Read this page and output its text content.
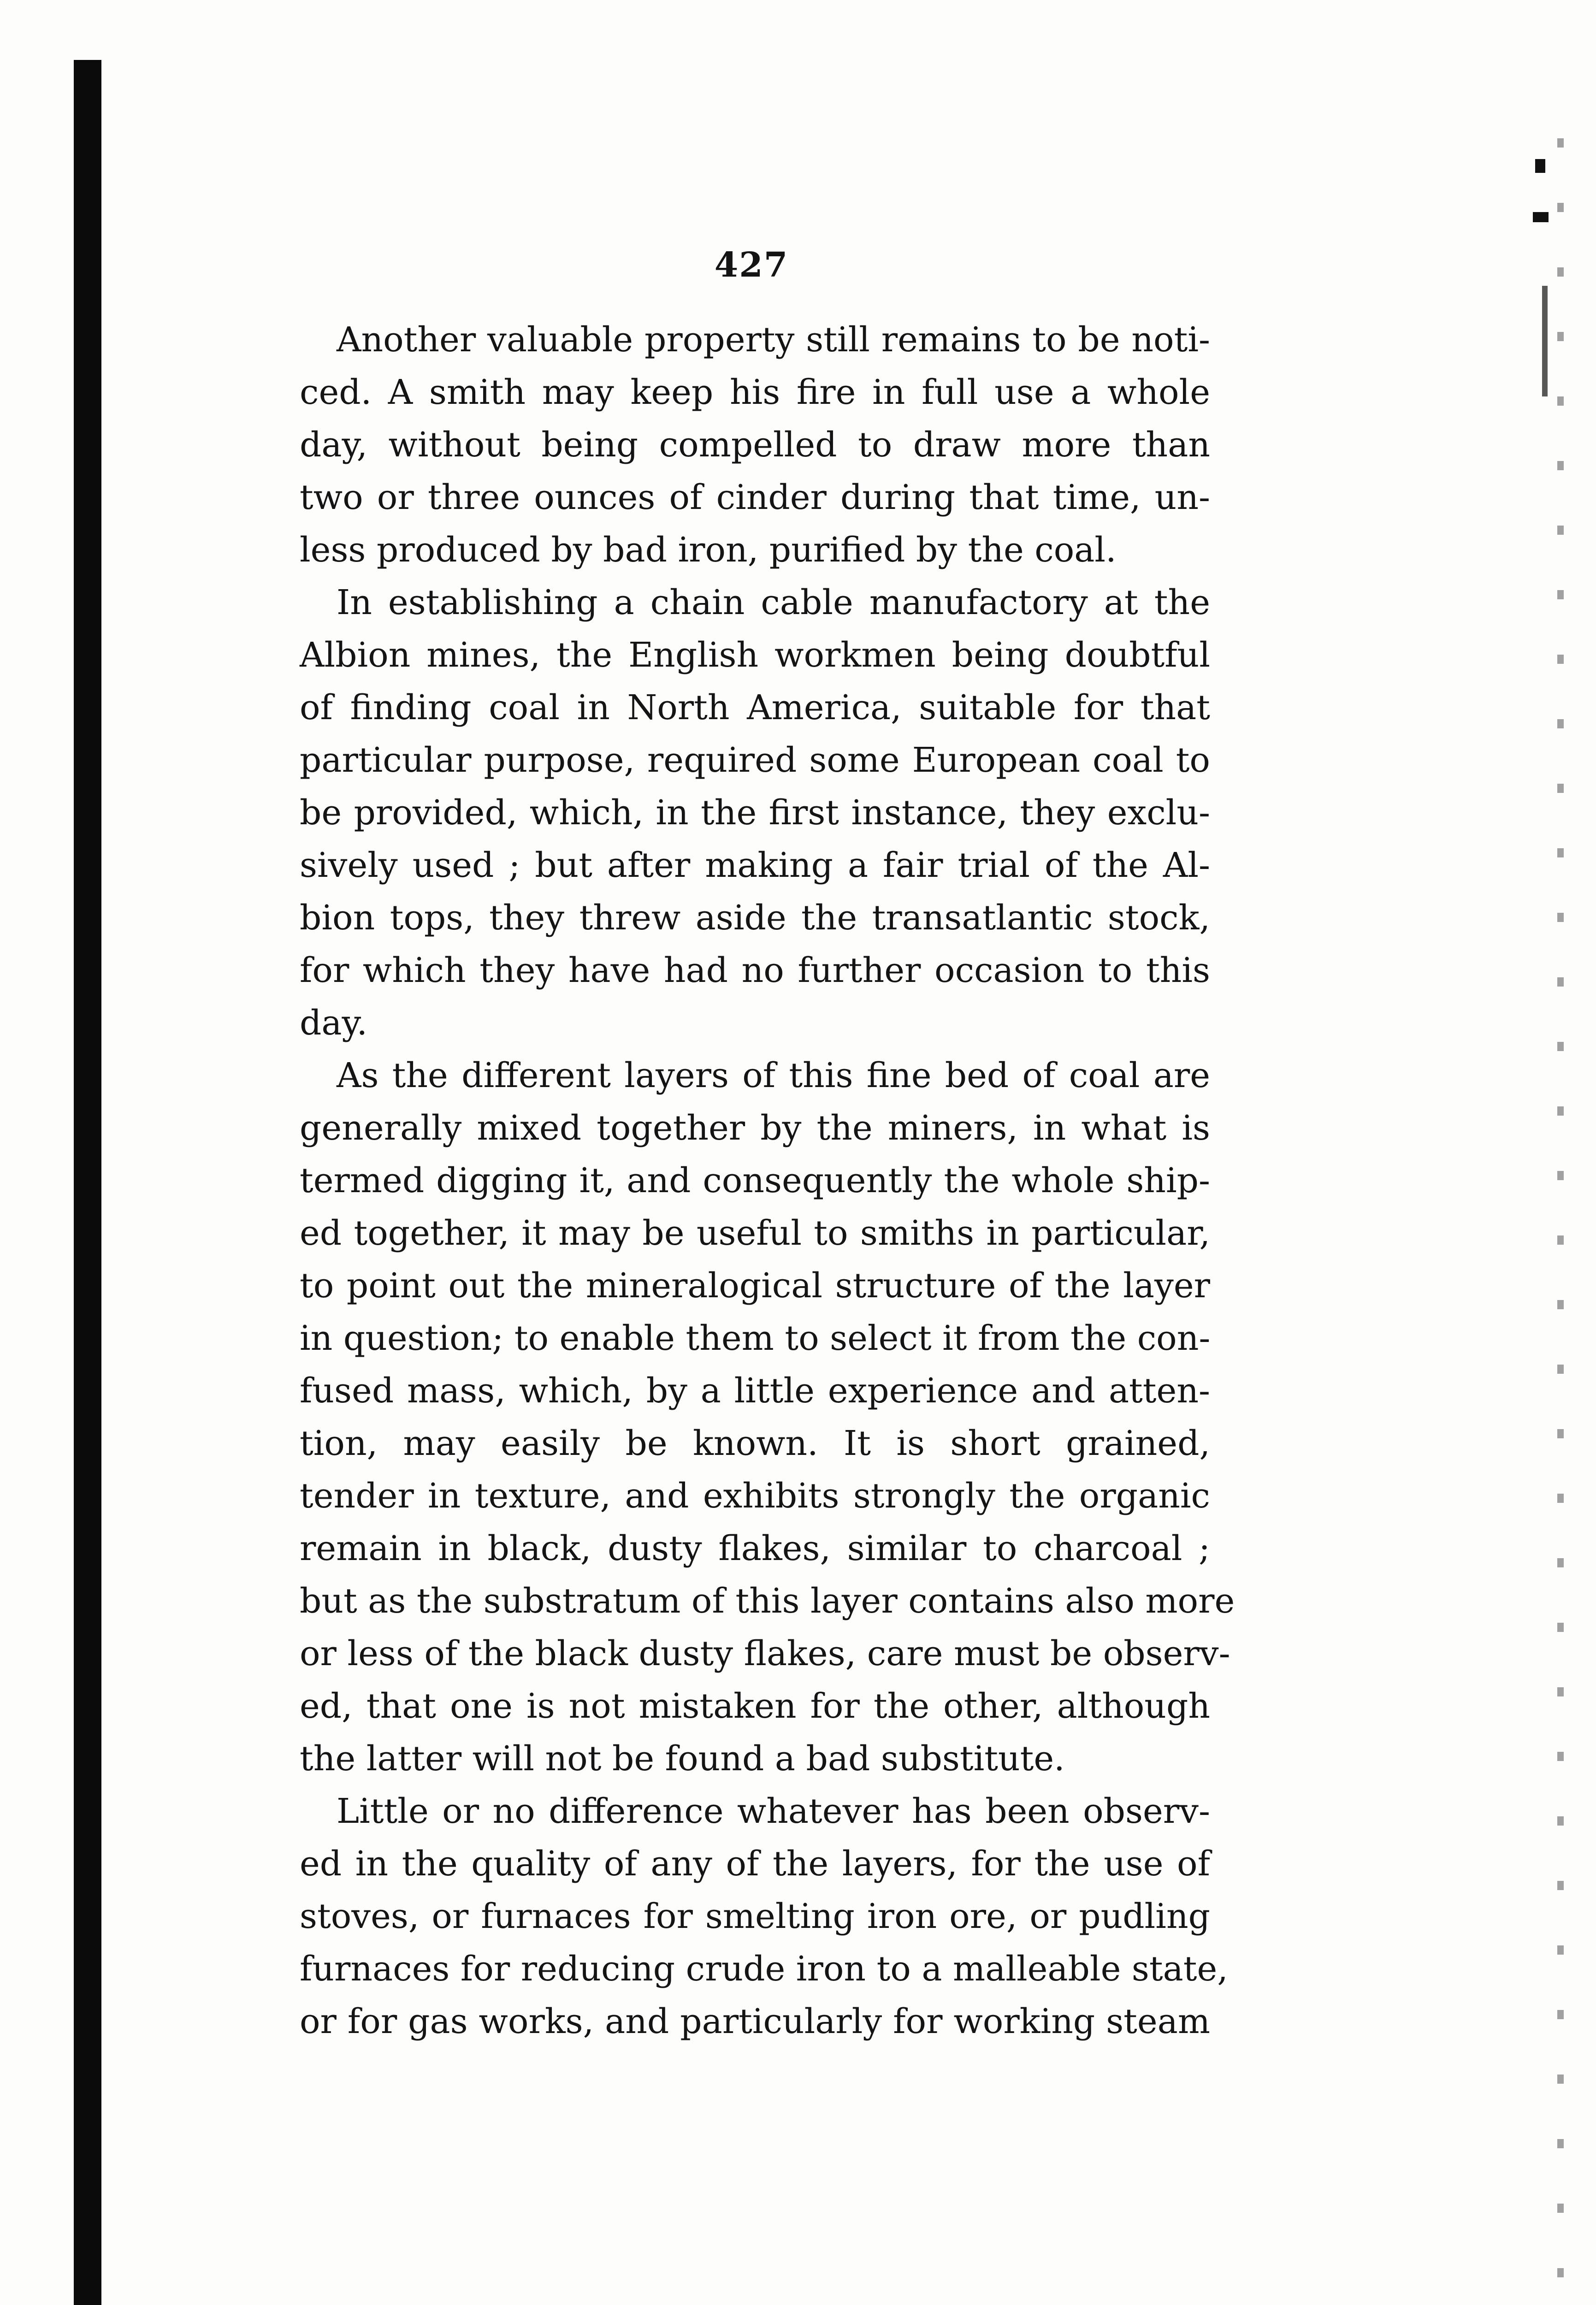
427
Another valuable property still remains to be noti-
ced. A smith may keep his fire in full use a whole
day, without being compelled to draw more than
two or three ounces of cinder during that time, un-
less produced by bad iron, purified by the coal.
In establishing a chain cable manufactory at the
Albion mines, the English workmen being doubtful
of finding coal in North America, suitable for that
particular purpose, required some European coal to
be provided, which, in the first instance, they exclu-
sively used ; but after making a fair trial of the Al-
bion tops, they threw aside the transatlantic stock,
for which they have had no further occasion to this
day.
As the different layers of this fine bed of coal are
generally mixed together by the miners, in what is
termed digging it, and consequently the whole ship-
ed together, it may be useful to smiths in particular,
to point out the mineralogical structure of the layer
in question; to enable them to select it from the con-
fused mass, which, by a little experience and atten-
tion, may easily be known. It is short grained,
tender in texture, and exhibits strongly the organic
remain in black, dusty flakes, similar to charcoal ;
but as the substratum of this layer contains also more
or less of the black dusty flakes, care must be observ-
ed, that one is not mistaken for the other, although
the latter will not be found a bad substitute.
Little or no difference whatever has been observ-
ed in the quality of any of the layers, for the use of
stoves, or furnaces for smelting iron ore, or pudling
furnaces for reducing crude iron to a malleable state,
or for gas works, and particularly for working steam
